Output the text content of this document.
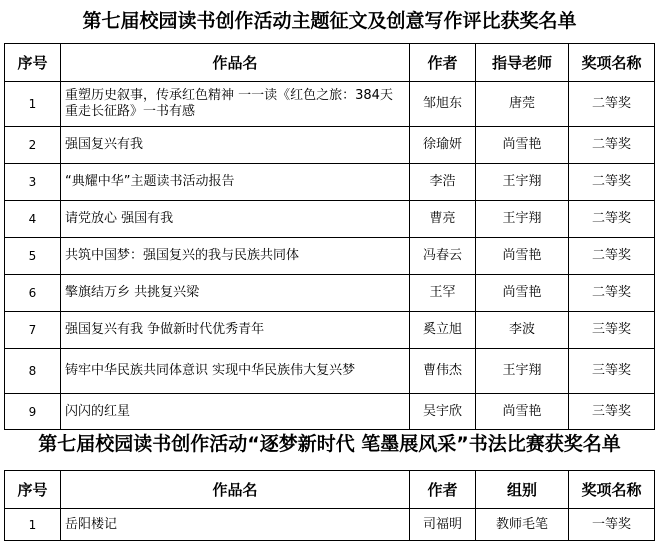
第七届校园读书创作活动主题征文及创意写作评比获奖名单
序号	作品名	作者	指导老师	奖项名称
1	重塑历史叙事，传承红色精神 一一读《红色之旅：384天重走长征路》一书有感	邹旭东	唐莞	二等奖
2	强国复兴有我	徐瑜妍	尚雪艳	二等奖
3	“典耀中华”主题读书活动报告	李浩	王宇翔	二等奖
4	请党放心 强国有我	曹亮	王宇翔	二等奖
5	共筑中国梦：强国复兴的我与民族共同体	冯春云	尚雪艳	二等奖
6	擎旗结万乡 共挑复兴梁	王罕	尚雪艳	二等奖
7	强国复兴有我 争做新时代优秀青年	奚立旭	李波	三等奖
8	铸牢中华民族共同体意识 实现中华民族伟大复兴梦	曹伟杰	王宇翔	三等奖
9	闪闪的红星	吴宇欣	尚雪艳	三等奖
第七届校园读书创作活动“逐梦新时代 笔墨展风采”书法比赛获奖名单
序号	作品名	作者	组别	奖项名称
1	岳阳楼记	司福明	教师毛笔	一等奖
